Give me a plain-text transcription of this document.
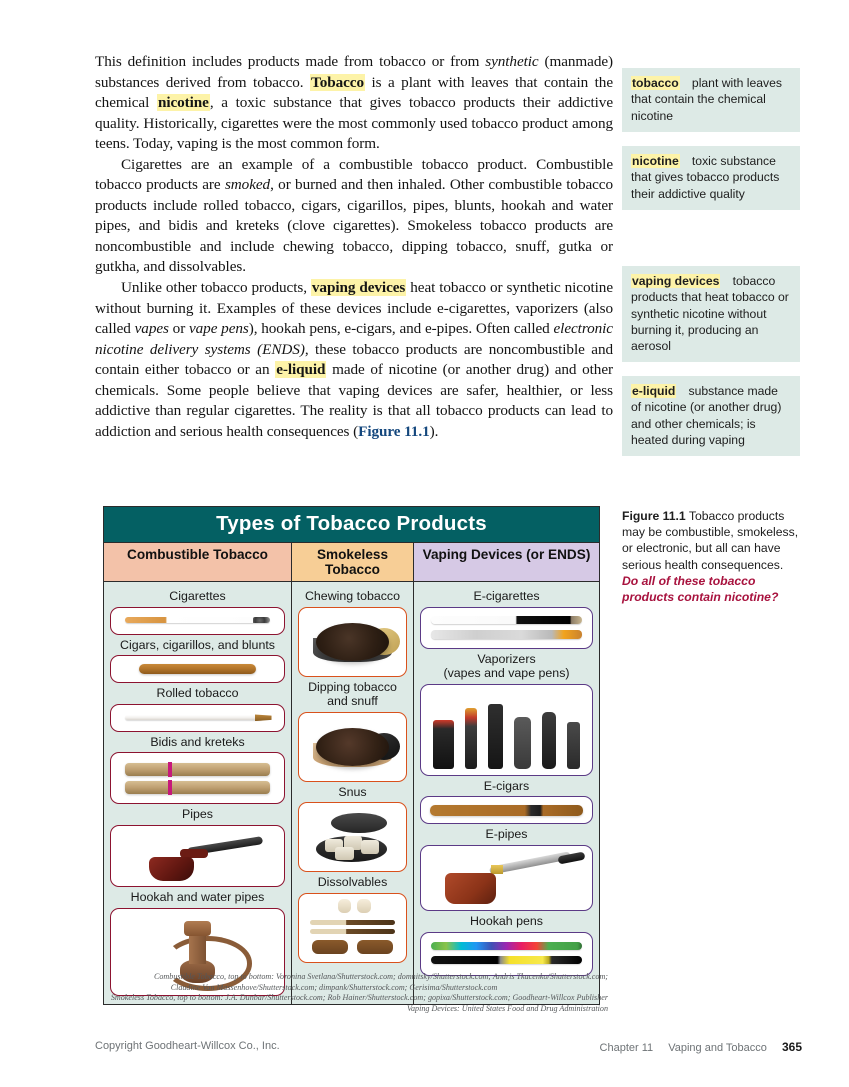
This definition includes products made from tobacco or from synthetic (manmade) substances derived from tobacco. Tobacco is a plant with leaves that contain the chemical nicotine, a toxic substance that gives tobacco products their addictive quality. Historically, cigarettes were the most commonly used tobacco product among teens. Today, vaping is the most common form.

Cigarettes are an example of a combustible tobacco product. Combustible tobacco products are smoked, or burned and then inhaled. Other combustible tobacco products include rolled tobacco, cigars, cigarillos, pipes, blunts, hookah and water pipes, and bidis and kreteks (clove cigarettes). Smokeless tobacco products are noncombustible and include chewing tobacco, dipping tobacco, snuff, gutka or gutkha, and dissolvables.

Unlike other tobacco products, vaping devices heat tobacco or synthetic nicotine without burning it. Examples of these devices include e-cigarettes, vaporizers (also called vapes or vape pens), hookah pens, e-cigars, and e-pipes. Often called electronic nicotine delivery systems (ENDS), these tobacco products are noncombustible and contain either tobacco or an e-liquid made of nicotine (or another drug) and other chemicals. Some people believe that vaping devices are safer, healthier, or less addictive than regular cigarettes. The reality is that all tobacco products can lead to addiction and serious health consequences (Figure 11.1).

tobacco  plant with leaves that contain the chemical nicotine
nicotine  toxic substance that gives tobacco products their addictive quality
vaping devices  tobacco products that heat tobacco or synthetic nicotine without burning it, producing an aerosol
e-liquid  substance made of nicotine (or another drug) and other chemicals; is heated during vaping
Figure 11.1 Tobacco products may be combustible, smokeless, or electronic, but all can have serious health consequences. Do all of these tobacco products contain nicotine?
Types of Tobacco Products
Combustible Tobacco	Smokeless Tobacco
Vaping Devices (or ENDS)
Cigarettes
Cigars, cigarillos, and blunts
Rolled tobacco
Bidis and kreteks
Pipes
Hookah and water pipes
Chewing tobacco
Dipping tobacco
and snuff
Snus
Dissolvables
E-cigarettes
Vaporizers
(vapes and vape pens)
E-cigars
E-pipes
Hookah pens
Combustible Tobacco, top to bottom: Voronina Svetlana/Shutterstock.com; domnitsky/Shutterstock.com; Andris Tkacenko/Shutterstock.com;
Claudine Van Massenhove/Shutterstock.com; dimpank/Shutterstock.com; Gerisima/Shutterstock.com
Smokeless Tobacco, top to bottom: J.A. Dunbar/Shutterstock.com; Rob Hainer/Shutterstock.com; gopixa/Shutterstock.com; Goodheart-Willcox Publisher
Vaping Devices: United States Food and Drug Administration
Copyright Goodheart-Willcox Co., Inc.	Chapter 11 Vaping and Tobacco 365
